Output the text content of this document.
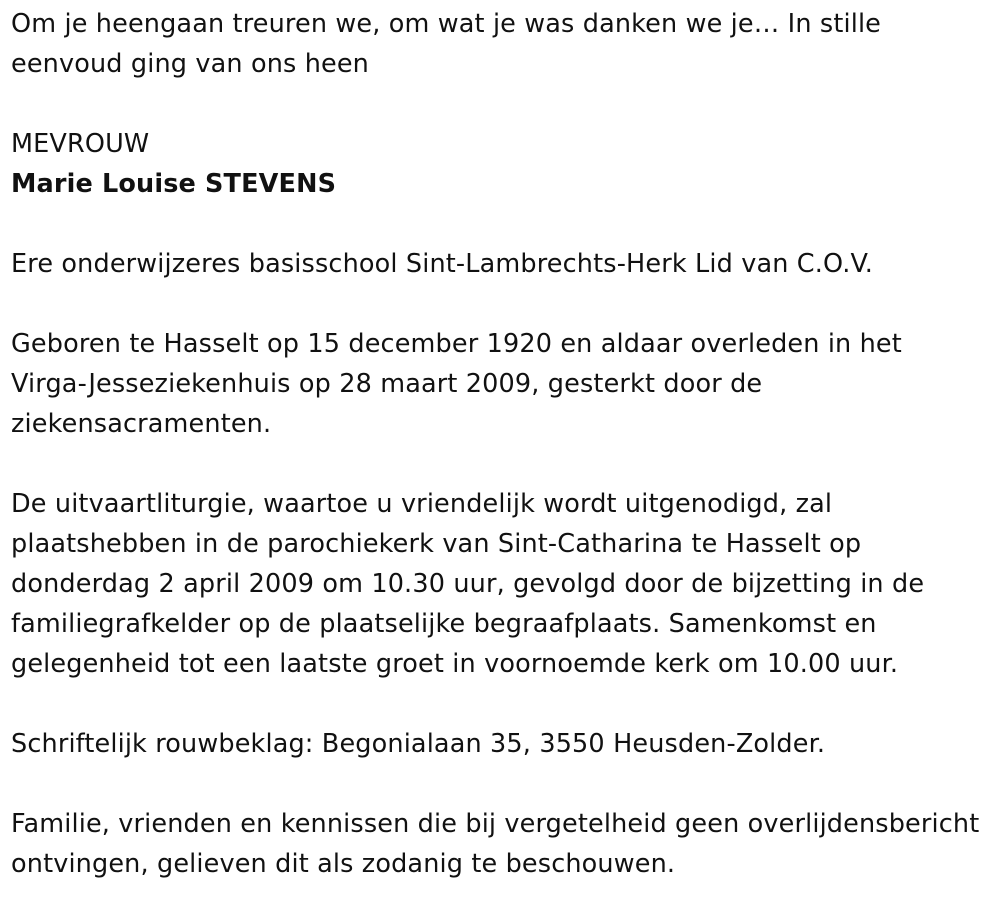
Om je heengaan treuren we, om wat je was danken we je… In stille eenvoud ging van ons heen

MEVROUW

Marie Louise STEVENS

Ere onderwijzeres basisschool Sint-Lambrechts-Herk Lid van C.O.V.

Geboren te Hasselt op 15 december 1920 en aldaar overleden in het Virga-Jesseziekenhuis op 28 maart 2009, gesterkt door de ziekensacramenten.

De uitvaartliturgie, waartoe u vriendelijk wordt uitgenodigd, zal plaatshebben in de parochiekerk van Sint-Catharina te Hasselt op donderdag 2 april 2009 om 10.30 uur, gevolgd door de bijzetting in de familiegrafkelder op de plaatselijke begraafplaats. Samenkomst en gelegenheid tot een laatste groet in voornoemde kerk om 10.00 uur.

Schriftelijk rouwbeklag: Begonialaan 35, 3550 Heusden-Zolder.

Familie, vrienden en kennissen die bij vergetelheid geen overlijdensbericht ontvingen, gelieven dit als zodanig te beschouwen.
